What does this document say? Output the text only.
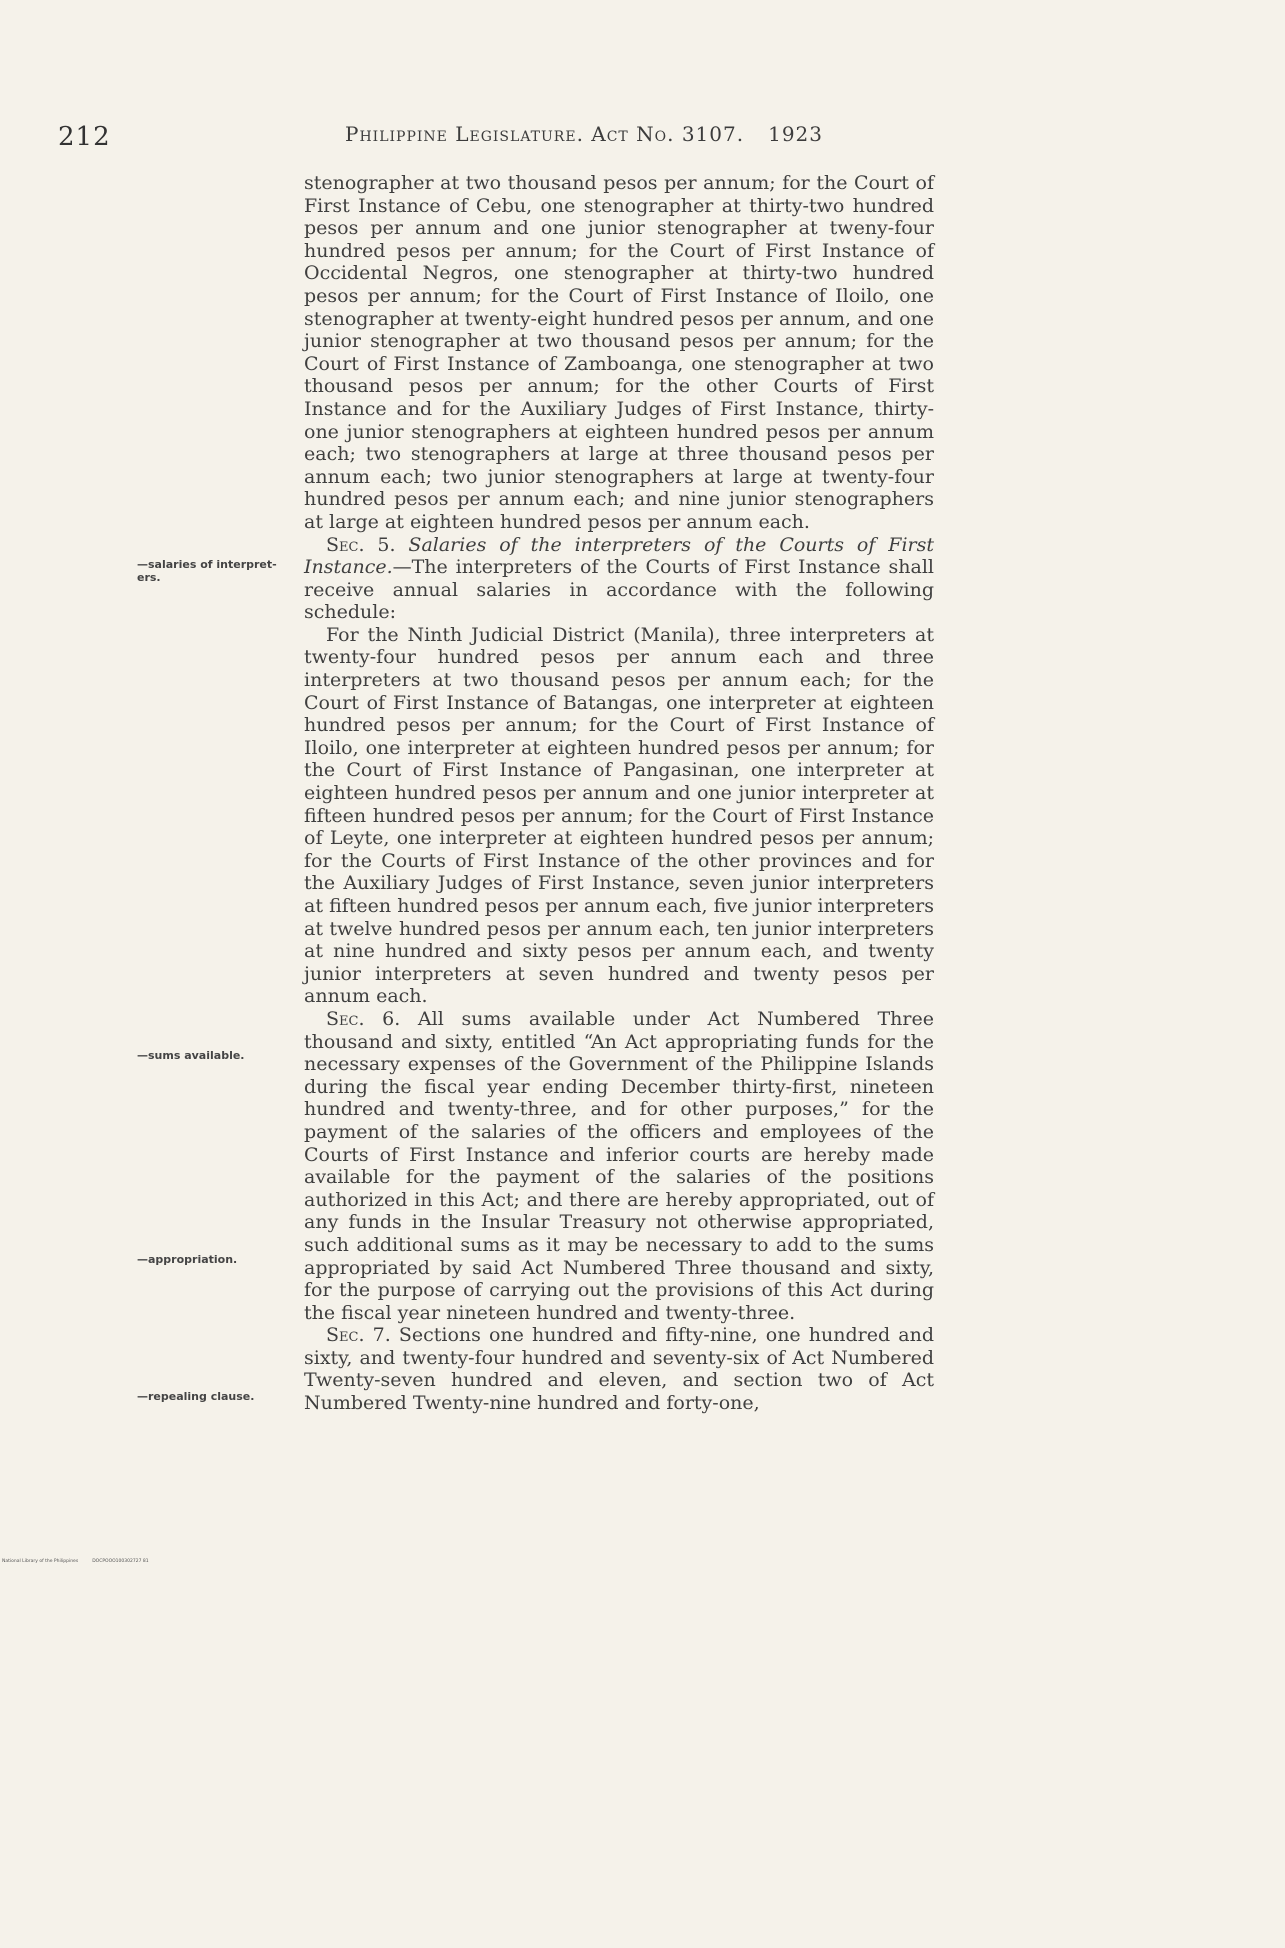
212	Philippine Legislature. Act No. 3107. 1923
—salaries of interpret-ers.
—sums available.
—appropriation.
—repealing clause.

stenographer at two thousand pesos per annum; for the Court of First Instance of Cebu, one stenographer at thirty-two hundred pesos per annum and one junior stenographer at tweny-four hundred pesos per annum; for the Court of First Instance of Occidental Negros, one stenographer at thirty-two hundred pesos per annum; for the Court of First Instance of Iloilo, one stenographer at twenty-eight hundred pesos per annum, and one junior stenographer at two thousand pesos per annum; for the Court of First Instance of Zamboanga, one stenographer at two thousand pesos per annum; for the other Courts of First Instance and for the Auxiliary Judges of First Instance, thirty-one junior stenographers at eighteen hundred pesos per annum each; two stenographers at large at three thousand pesos per annum each; two junior stenographers at large at twenty-four hundred pesos per annum each; and nine junior stenographers at large at eighteen hundred pesos per annum each.

Sec. 5. Salaries of the interpreters of the Courts of First Instance.—The interpreters of the Courts of First Instance shall receive annual salaries in accordance with the following schedule:

For the Ninth Judicial District (Manila), three interpreters at twenty-four hundred pesos per annum each and three interpreters at two thousand pesos per annum each; for the Court of First Instance of Batangas, one interpreter at eighteen hundred pesos per annum; for the Court of First Instance of Iloilo, one interpreter at eighteen hundred pesos per annum; for the Court of First Instance of Pangasinan, one interpreter at eighteen hundred pesos per annum and one junior interpreter at fifteen hundred pesos per annum; for the Court of First Instance of Leyte, one interpreter at eighteen hundred pesos per annum; for the Courts of First Instance of the other provinces and for the Auxiliary Judges of First Instance, seven junior interpreters at fifteen hundred pesos per annum each, five junior interpreters at twelve hundred pesos per annum each, ten junior interpreters at nine hundred and sixty pesos per annum each, and twenty junior interpreters at seven hundred and twenty pesos per annum each.

Sec. 6. All sums available under Act Numbered Three thousand and sixty, entitled “An Act appropriating funds for the necessary expenses of the Government of the Philippine Islands during the fiscal year ending December thirty-first, nineteen hundred and twenty-three, and for other purposes,” for the payment of the salaries of the officers and employees of the Courts of First Instance and inferior courts are hereby made available for the payment of the salaries of the positions authorized in this Act; and there are hereby appropriated, out of any funds in the Insular Treasury not otherwise appropriated, such additional sums as it may be necessary to add to the sums appropriated by said Act Numbered Three thousand and sixty, for the purpose of carrying out the provisions of this Act during the fiscal year nineteen hundred and twenty-three.

Sec. 7. Sections one hundred and fifty-nine, one hundred and sixty, and twenty-four hundred and seventy-six of Act Numbered Twenty-seven hundred and eleven, and section two of Act Numbered Twenty-nine hundred and forty-one,

National Library of the Philippines	DOCPOOO100302727 81
